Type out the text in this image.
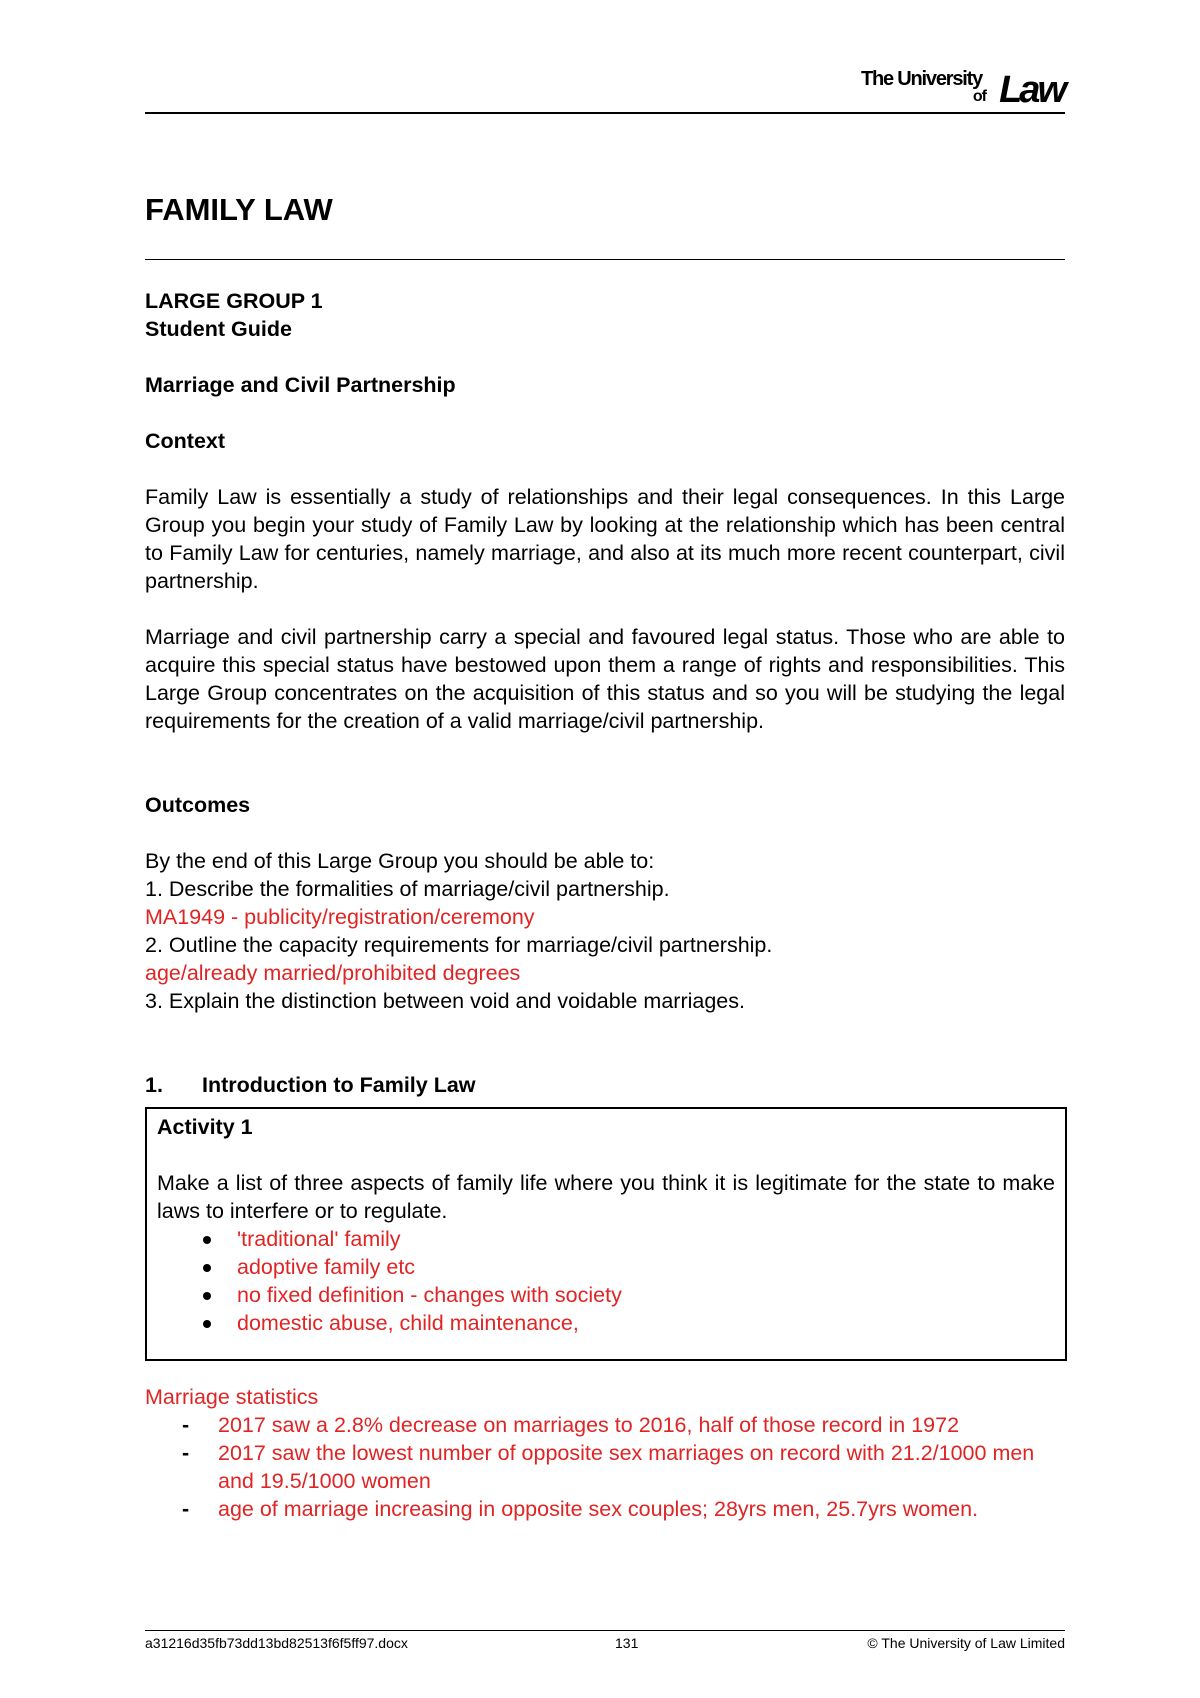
The University
of Law
FAMILY LAW

LARGE GROUP 1

Student Guide

Marriage and Civil Partnership

Context

Family Law is essentially a study of relationships and their legal consequences. In this Large Group you begin your study of Family Law by looking at the relationship which has been central to Family Law for centuries, namely marriage, and also at its much more recent counterpart, civil partnership.

Marriage and civil partnership carry a special and favoured legal status. Those who are able to acquire this special status have bestowed upon them a range of rights and responsibilities. This Large Group concentrates on the acquisition of this status and so you will be studying the legal requirements for the creation of a valid marriage/civil partnership.

Outcomes

By the end of this Large Group you should be able to:

1. Describe the formalities of marriage/civil partnership.

MA1949 - publicity/registration/ceremony

2. Outline the capacity requirements for marriage/civil partnership.

age/already married/prohibited degrees

3. Explain the distinction between void and voidable marriages.

1.	Introduction to Family Law

Activity 1

Make a list of three aspects of family life where you think it is legitimate for the state to make laws to interfere or to regulate.

'traditional' family
adoptive family etc
no fixed definition - changes with society
domestic abuse, child maintenance,

Marriage statistics

- 2017 saw a 2.8% decrease on marriages to 2016, half of those record in 1972
- 2017 saw the lowest number of opposite sex marriages on record with 21.2/1000 men and 19.5/1000 women
- age of marriage increasing in opposite sex couples; 28yrs men, 25.7yrs women.
a31216d35fb73dd13bd82513f6f5ff97.docx	131	© The University of Law Limited
